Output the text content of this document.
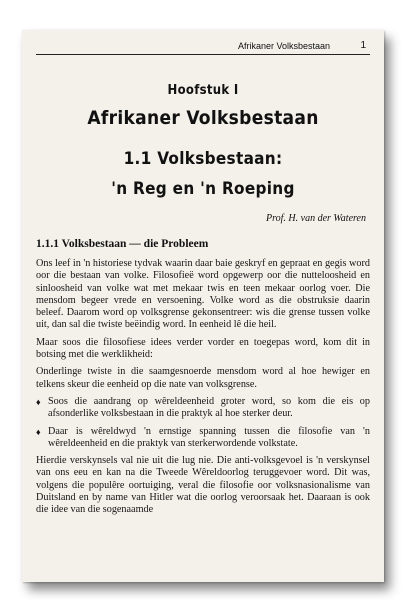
Afrikaner Volksbestaan	1
Hoofstuk I
Afrikaner Volksbestaan
1.1 Volksbestaan:
'n Reg en 'n Roeping
Prof. H. van der Wateren
1.1.1 Volksbestaan — die Probleem

Ons leef in 'n historiese tydvak waarin daar baie geskryf en gepraat en gegis word oor die bestaan van volke. Filosofieë word opgewerp oor die nutteloosheid en sinloosheid van volke wat met mekaar twis en teen mekaar oorlog voer. Die mensdom begeer vrede en versoening. Volke word as die obstruksie daarin beleef. Daarom word op volksgrense gekonsentreer: wis die grense tussen volke uit, dan sal die twiste beëindig word. In eenheid lê die heil.

Maar soos die filosofiese idees verder vorder en toegepas word, kom dit in botsing met die werklikheid:

Onderlinge twiste in die saamgesnoerde mensdom word al hoe hewiger en telkens skeur die eenheid op die nate van volksgrense.

♦ Soos die aandrang op wêreldeenheid groter word, so kom die eis op afsonderlike volksbestaan in die praktyk al hoe sterker deur.
♦ Daar is wêreldwyd 'n ernstige spanning tussen die filosofie van 'n wêreldeenheid en die praktyk van sterkerwordende volkstate.

Hierdie verskynsels val nie uit die lug nie. Die anti-volksgevoel is 'n verskynsel van ons eeu en kan na die Tweede Wêreldoorlog teruggevoer word. Dit was, volgens die populêre oortuiging, veral die filosofie oor volksnasionalisme van Duitsland en by name van Hitler wat die oorlog veroorsaak het. Daaraan is ook die idee van die sogenaamde
